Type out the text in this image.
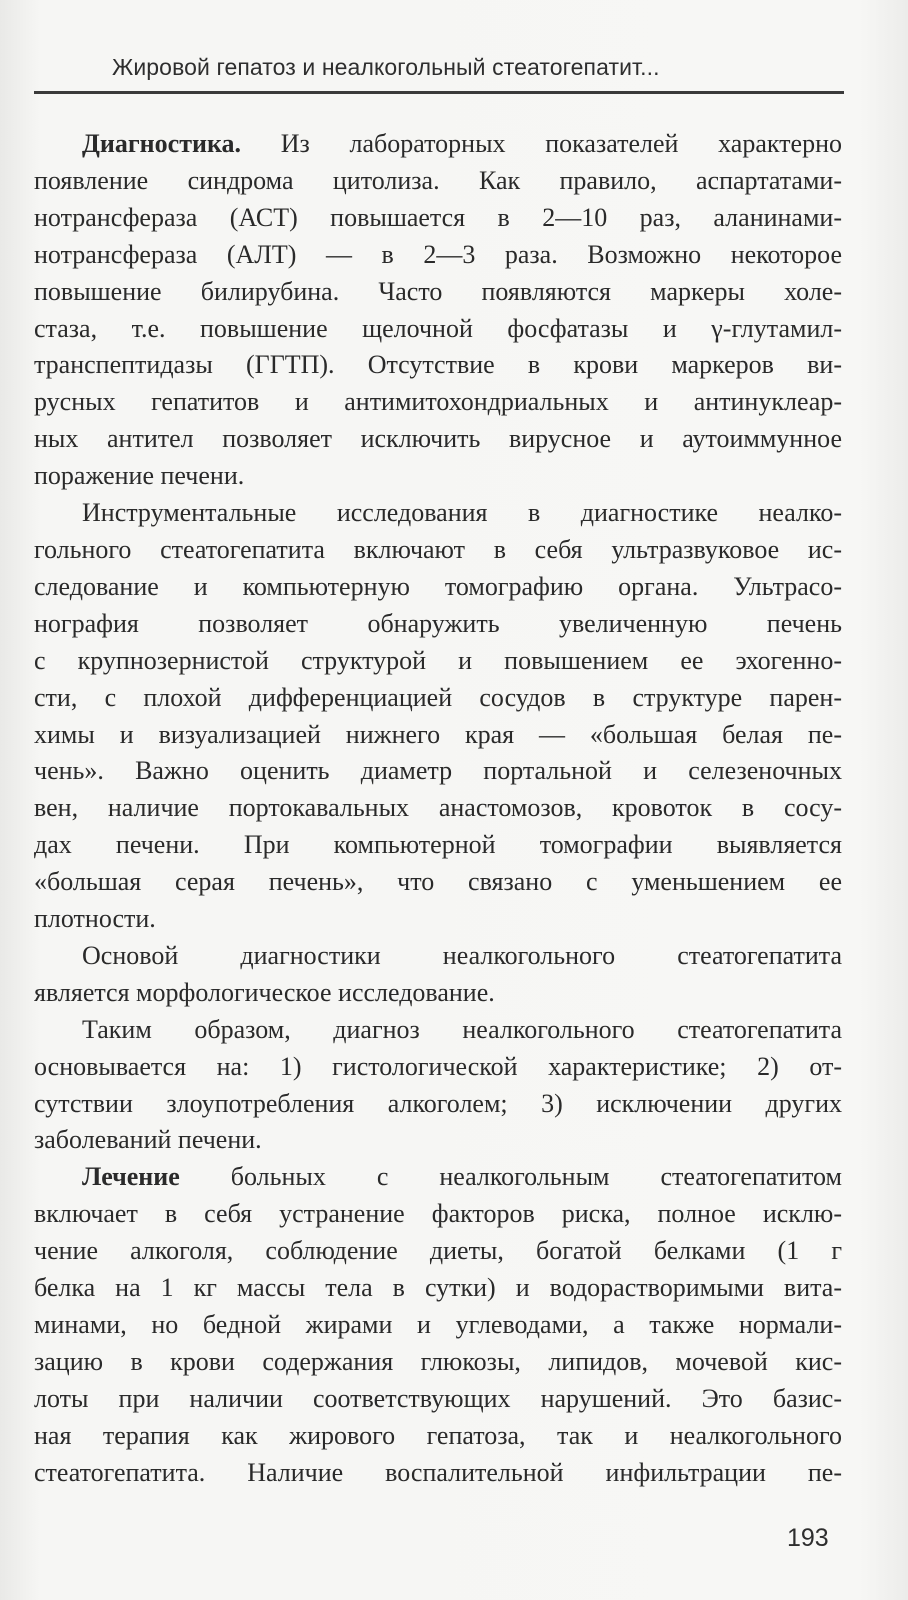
Жировой гепатоз и неалкогольный стеатогепатит...
Диагностика. Из лабораторных показателей характерно
появление синдрома цитолиза. Как правило, аспартатами-
нотрансфераза (АСТ) повышается в 2—10 раз, аланинами-
нотрансфераза (АЛТ) — в 2—3 раза. Возможно некоторое
повышение билирубина. Часто появляются маркеры холе-
стаза, т.е. повышение щелочной фосфатазы и γ-глутамил-
транспептидазы (ГГТП). Отсутствие в крови маркеров ви-
русных гепатитов и антимитохондриальных и антинуклеар-
ных антител позволяет исключить вирусное и аутоиммунное
поражение печени.
Инструментальные исследования в диагностике неалко-
гольного стеатогепатита включают в себя ультразвуковое ис-
следование и компьютерную томографию органа. Ультрасо-
нография позволяет обнаружить увеличенную печень
с крупнозернистой структурой и повышением ее эхогенно-
сти, с плохой дифференциацией сосудов в структуре парен-
химы и визуализацией нижнего края — «большая белая пе-
чень». Важно оценить диаметр портальной и селезеночных
вен, наличие портокавальных анастомозов, кровоток в сосу-
дах печени. При компьютерной томографии выявляется
«большая серая печень», что связано с уменьшением ее
плотности.
Основой диагностики неалкогольного стеатогепатита
является морфологическое исследование.
Таким образом, диагноз неалкогольного стеатогепатита
основывается на: 1) гистологической характеристике; 2) от-
сутствии злоупотребления алкоголем; 3) исключении других
заболеваний печени.
Лечение больных с неалкогольным стеатогепатитом
включает в себя устранение факторов риска, полное исклю-
чение алкоголя, соблюдение диеты, богатой белками (1 г
белка на 1 кг массы тела в сутки) и водорастворимыми вита-
минами, но бедной жирами и углеводами, а также нормали-
зацию в крови содержания глюкозы, липидов, мочевой кис-
лоты при наличии соответствующих нарушений. Это базис-
ная терапия как жирового гепатоза, так и неалкогольного
стеатогепатита. Наличие воспалительной инфильтрации пе-
193
